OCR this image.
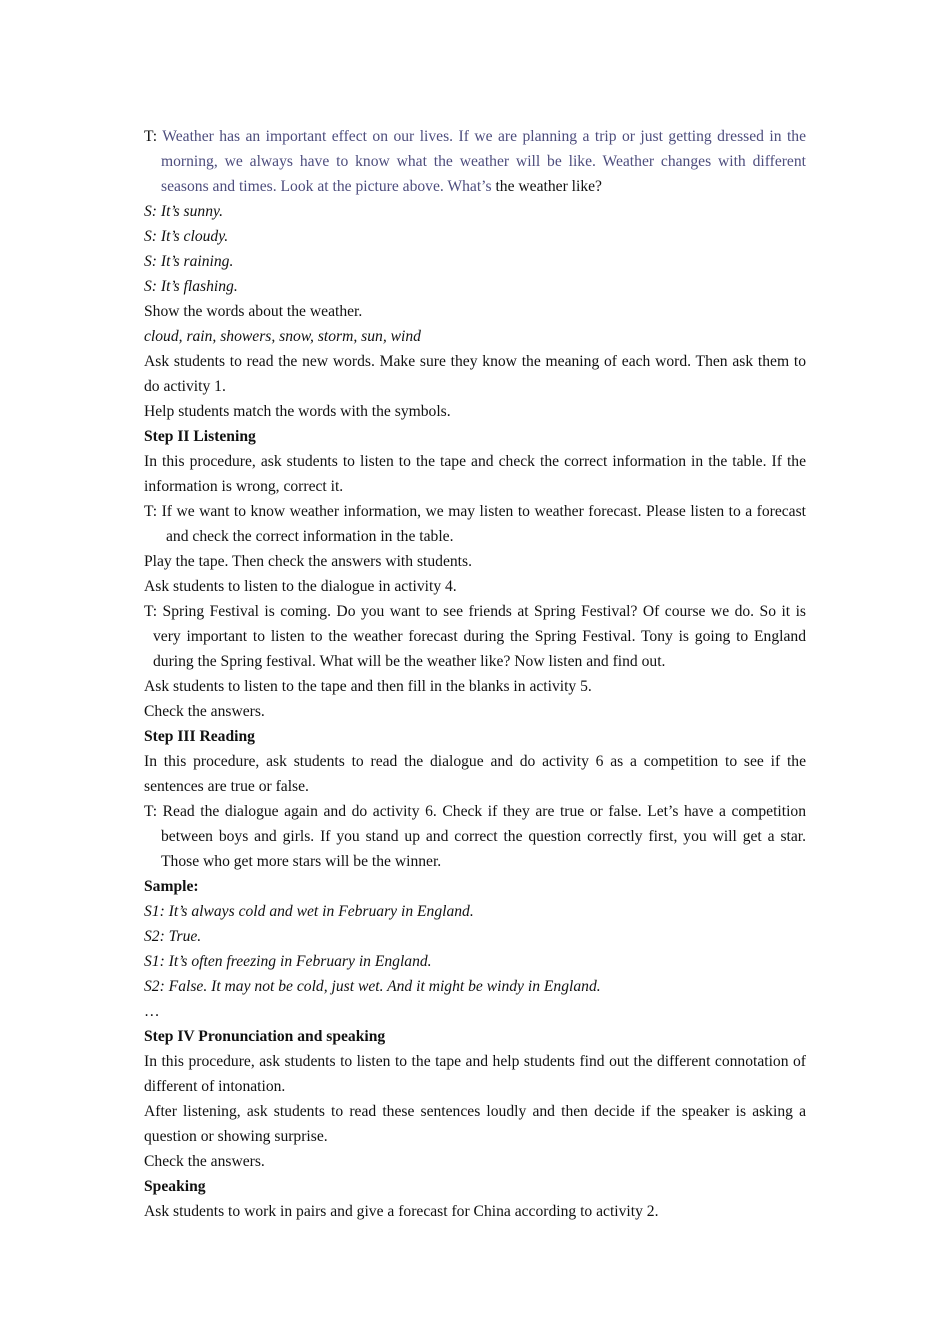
T: Weather has an important effect on our lives. If we are planning a trip or just getting dressed in the morning, we always have to know what the weather will be like. Weather changes with different seasons and times. Look at the picture above. What’s the weather like?

S: It’s sunny.

S: It’s cloudy.

S: It’s raining.

S: It’s flashing.

Show the words about the weather.

cloud, rain, showers, snow, storm, sun, wind

Ask students to read the new words. Make sure they know the meaning of each word. Then ask them to do activity 1.

Help students match the words with the symbols.

Step II Listening

In this procedure, ask students to listen to the tape and check the correct information in the table. If the information is wrong, correct it.

T: If we want to know weather information, we may listen to weather forecast. Please listen to a forecast and check the correct information in the table.

Play the tape. Then check the answers with students.

Ask students to listen to the dialogue in activity 4.

T: Spring Festival is coming. Do you want to see friends at Spring Festival? Of course we do. So it is very important to listen to the weather forecast during the Spring Festival. Tony is going to England during the Spring festival. What will be the weather like? Now listen and find out.

Ask students to listen to the tape and then fill in the blanks in activity 5.

Check the answers.

Step III Reading

In this procedure, ask students to read the dialogue and do activity 6 as a competition to see if the sentences are true or false.

T: Read the dialogue again and do activity 6. Check if they are true or false. Let’s have a competition between boys and girls. If you stand up and correct the question correctly first, you will get a star. Those who get more stars will be the winner.

Sample:

S1: It’s always cold and wet in February in England.

S2: True.

S1: It’s often freezing in February in England.

S2: False. It may not be cold, just wet. And it might be windy in England.

…

Step IV Pronunciation and speaking

In this procedure, ask students to listen to the tape and help students find out the different connotation of different of intonation.

After listening, ask students to read these sentences loudly and then decide if the speaker is asking a question or showing surprise.

Check the answers.

Speaking

Ask students to work in pairs and give a forecast for China according to activity 2.
